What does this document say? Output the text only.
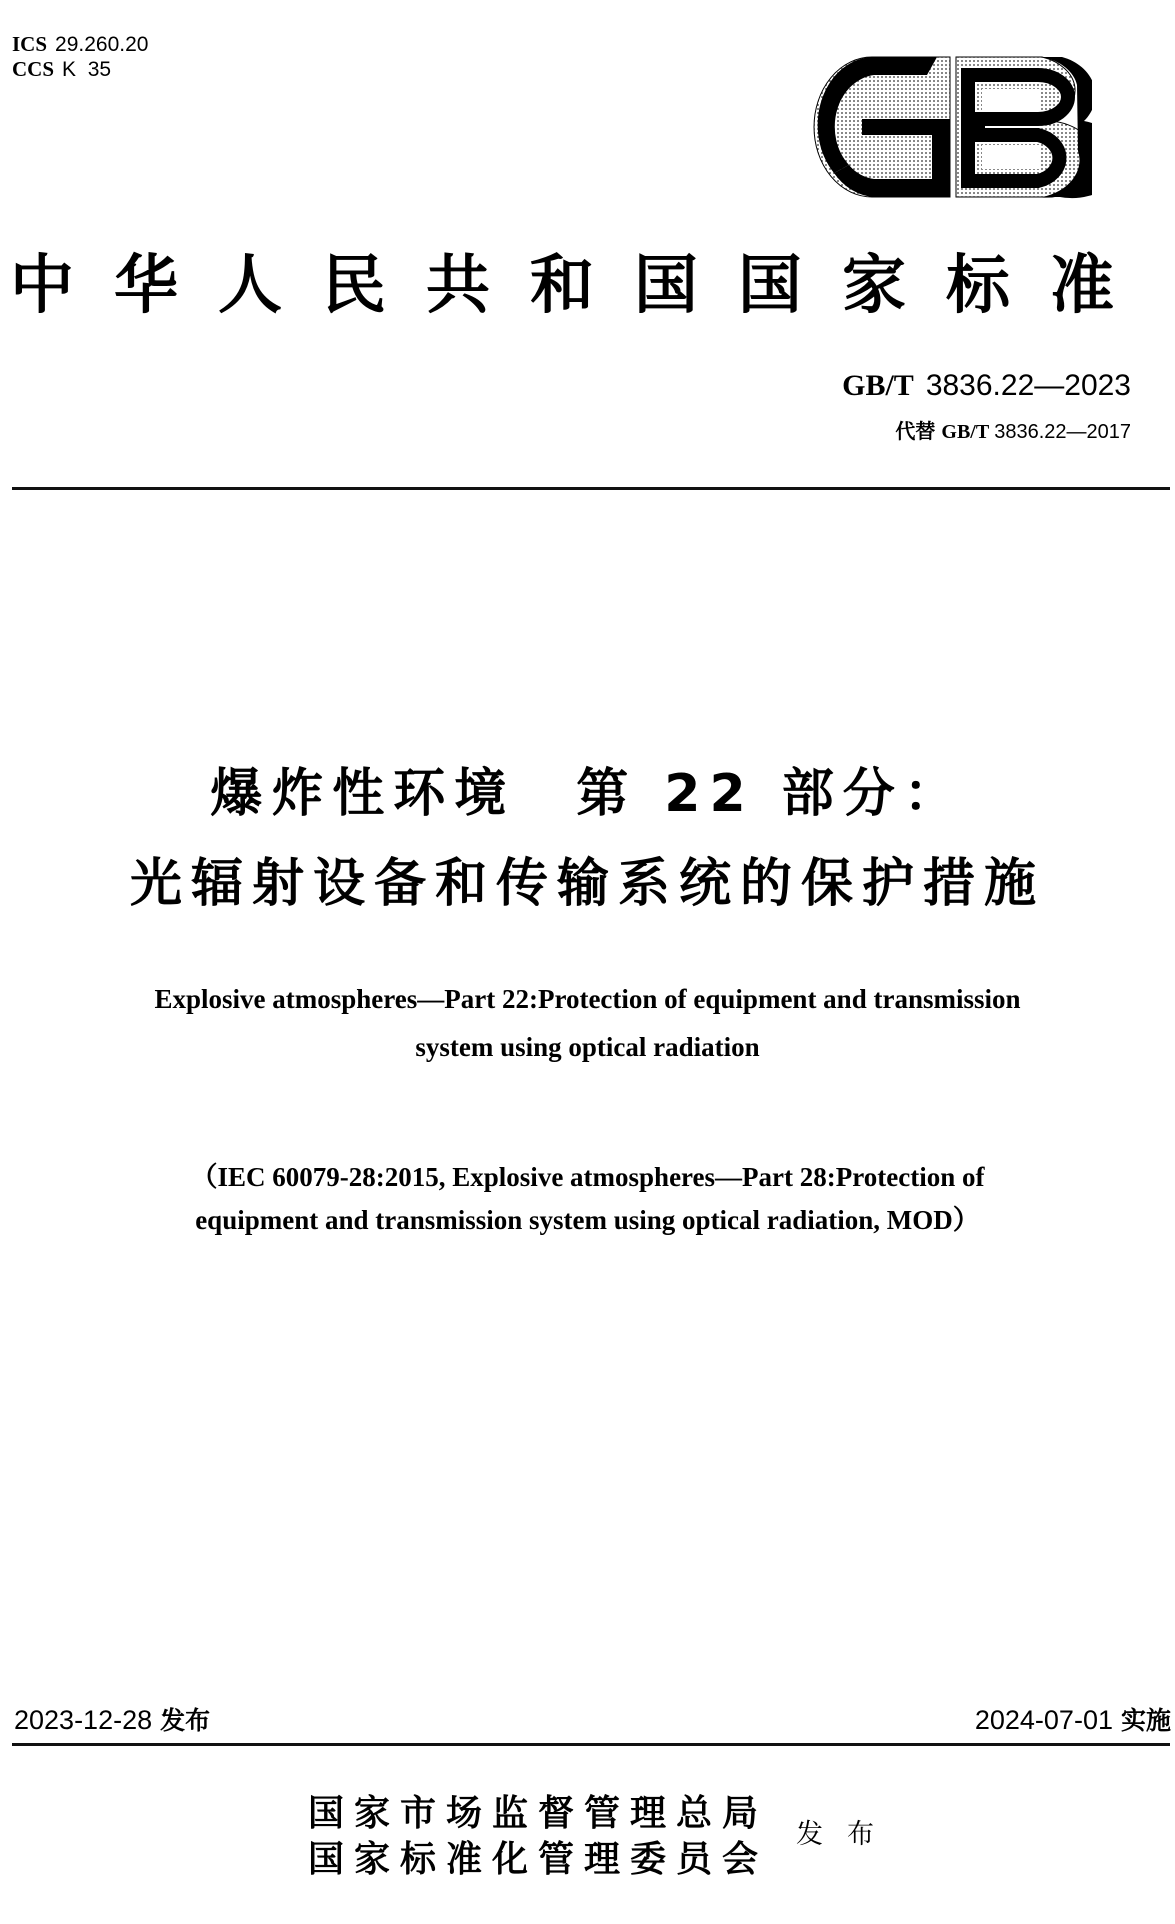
ICS 29.260.20
CCS K  35
中华人民共和国国家标准
GB/T 3836.22—2023
代替 GB/T 3836.22—2017
爆炸性环境　第 22 部分：
光辐射设备和传输系统的保护措施
Explosive atmospheres—Part 22:Protection of equipment and transmission
system using optical radiation
（IEC 60079-28:2015, Explosive atmospheres—Part 28:Protection of
equipment and transmission system using optical radiation, MOD）
2023-12-28 发布	2024-07-01 实施
国家市场监督管理总局
国家标准化管理委员会
发布
